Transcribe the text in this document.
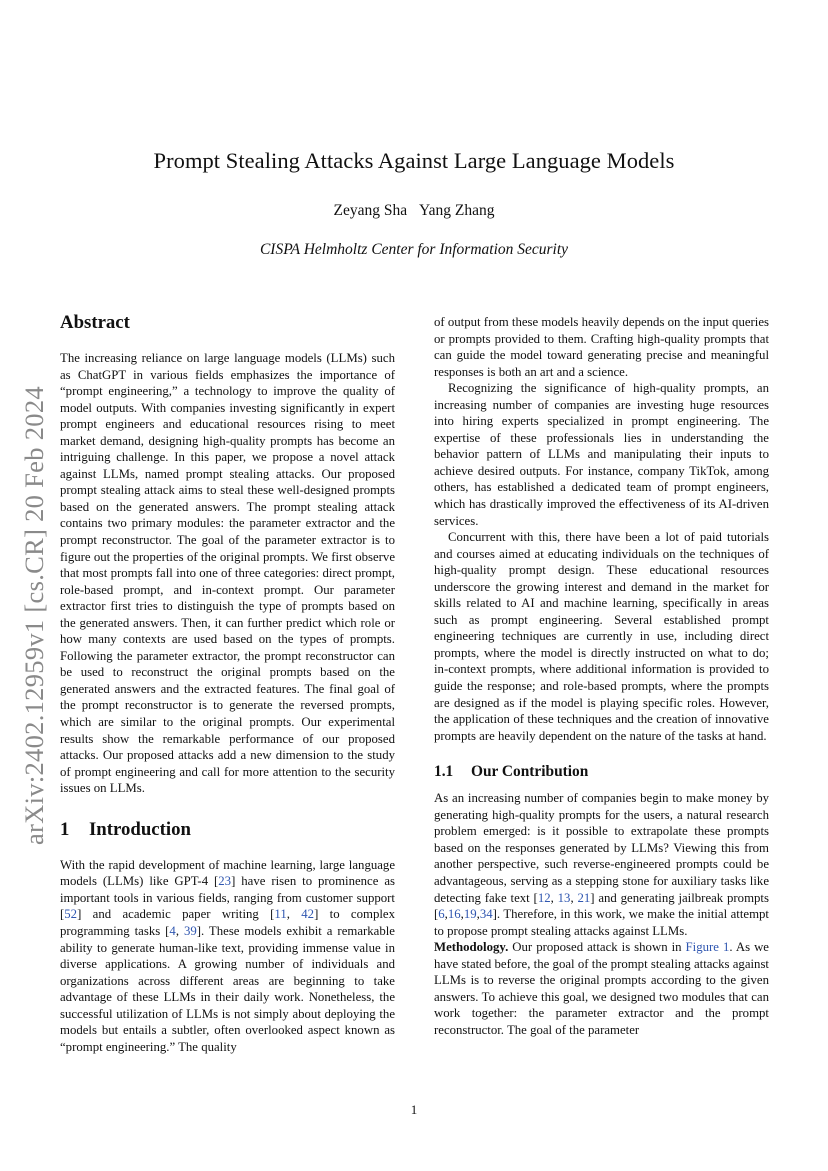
Prompt Stealing Attacks Against Large Language Models
Zeyang Sha Yang Zhang
CISPA Helmholtz Center for Information Security
arXiv:2402.12959v1 [cs.CR] 20 Feb 2024
Abstract

The increasing reliance on large language models (LLMs) such as ChatGPT in various fields emphasizes the importance of “prompt engineering,” a technology to improve the quality of model outputs. With companies investing significantly in expert prompt engineers and educational resources rising to meet market demand, designing high-quality prompts has become an intriguing challenge. In this paper, we propose a novel attack against LLMs, named prompt stealing attacks. Our proposed prompt stealing attack aims to steal these well-designed prompts based on the generated answers. The prompt stealing attack contains two primary modules: the parameter extractor and the prompt reconstructor. The goal of the parameter extractor is to figure out the properties of the original prompts. We first observe that most prompts fall into one of three categories: direct prompt, role-based prompt, and in-context prompt. Our parameter extractor first tries to distinguish the type of prompts based on the generated answers. Then, it can further predict which role or how many contexts are used based on the types of prompts. Following the parameter extractor, the prompt reconstructor can be used to reconstruct the original prompts based on the generated answers and the extracted features. The final goal of the prompt reconstructor is to generate the reversed prompts, which are similar to the original prompts. Our experimental results show the remarkable performance of our proposed attacks. Our proposed attacks add a new dimension to the study of prompt engineering and call for more attention to the security issues on LLMs.

1 Introduction

With the rapid development of machine learning, large language models (LLMs) like GPT-4 [23] have risen to prominence as important tools in various fields, ranging from customer support [52] and academic paper writing [11, 42] to complex programming tasks [4, 39]. These models exhibit a remarkable ability to generate human-like text, providing immense value in diverse applications. A growing number of individuals and organizations across different areas are beginning to take advantage of these LLMs in their daily work. Nonetheless, the successful utilization of LLMs is not simply about deploying the models but entails a subtler, often overlooked aspect known as “prompt engineering.” The quality

of output from these models heavily depends on the input queries or prompts provided to them. Crafting high-quality prompts that can guide the model toward generating precise and meaningful responses is both an art and a science.

Recognizing the significance of high-quality prompts, an increasing number of companies are investing huge resources into hiring experts specialized in prompt engineering. The expertise of these professionals lies in understanding the behavior pattern of LLMs and manipulating their inputs to achieve desired outputs. For instance, company TikTok, among others, has established a dedicated team of prompt engineers, which has drastically improved the effectiveness of its AI-driven services.

Concurrent with this, there have been a lot of paid tutorials and courses aimed at educating individuals on the techniques of high-quality prompt design. These educational resources underscore the growing interest and demand in the market for skills related to AI and machine learning, specifically in areas such as prompt engineering. Several established prompt engineering techniques are currently in use, including direct prompts, where the model is directly instructed on what to do; in-context prompts, where additional information is provided to guide the response; and role-based prompts, where the prompts are designed as if the model is playing specific roles. However, the application of these techniques and the creation of innovative prompts are heavily dependent on the nature of the tasks at hand.

1.1 Our Contribution

As an increasing number of companies begin to make money by generating high-quality prompts for the users, a natural research problem emerged: is it possible to extrapolate these prompts based on the responses generated by LLMs? Viewing this from another perspective, such reverse-engineered prompts could be advantageous, serving as a stepping stone for auxiliary tasks like detecting fake text [12, 13, 21] and generating jailbreak prompts [6,16,19,34]. Therefore, in this work, we make the initial attempt to propose prompt stealing attacks against LLMs.

Methodology. Our proposed attack is shown in Figure 1. As we have stated before, the goal of the prompt stealing attacks against LLMs is to reverse the original prompts according to the given answers. To achieve this goal, we designed two modules that can work together: the parameter extractor and the prompt reconstructor. The goal of the parameter

1
